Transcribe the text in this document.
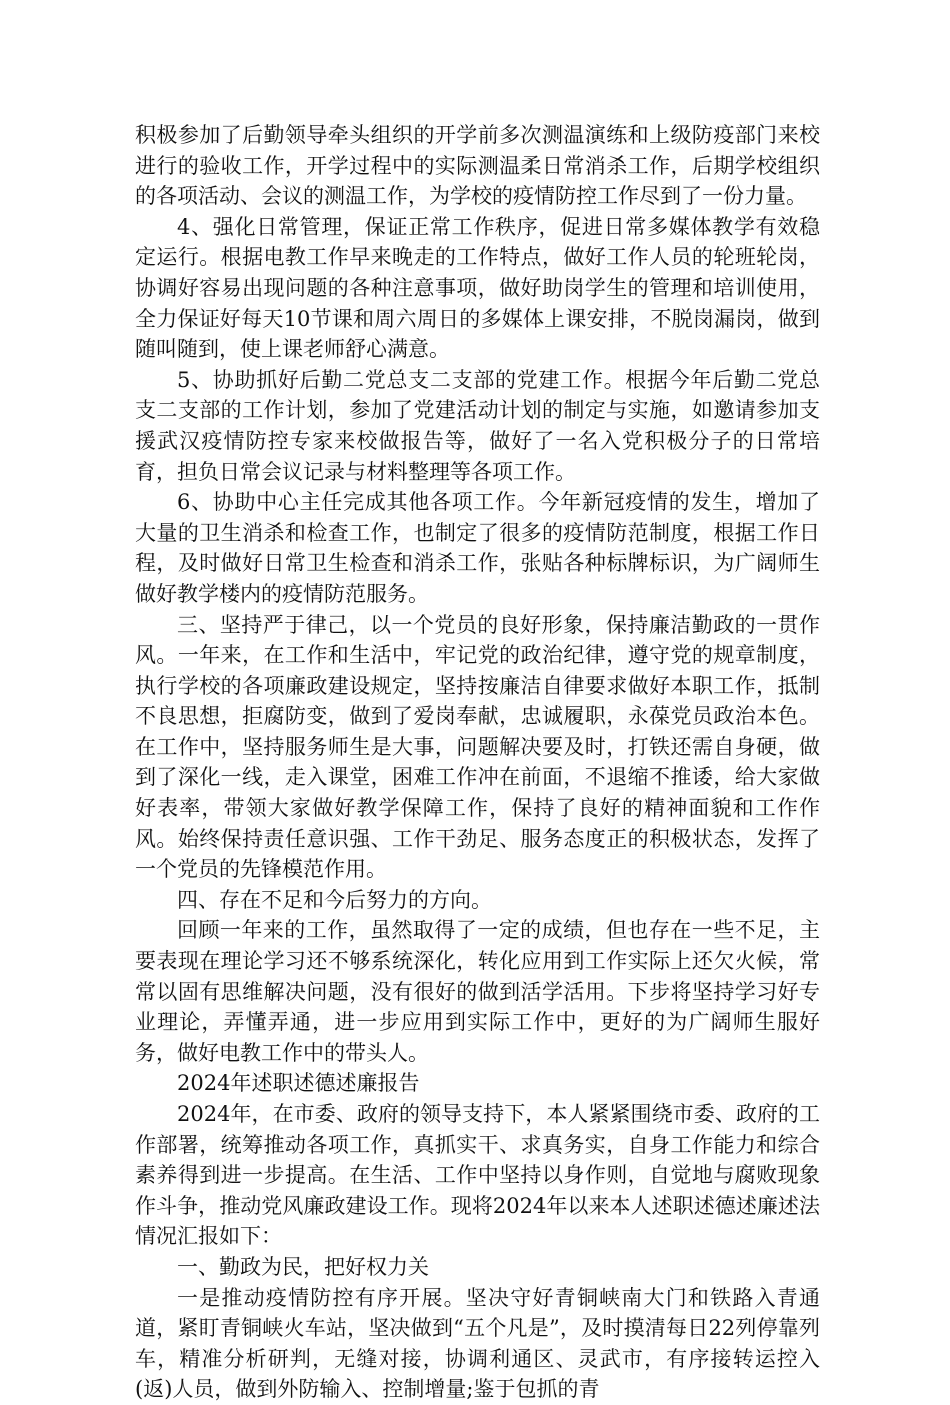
积极参加了后勤领导牵头组织的开学前多次测温演练和上级防疫部门来校进行的验收工作，开学过程中的实际测温柔日常消杀工作，后期学校组织的各项活动、会议的测温工作，为学校的疫情防控工作尽到了一份力量。

4、强化日常管理，保证正常工作秩序，促进日常多媒体教学有效稳定运行。根据电教工作早来晚走的工作特点，做好工作人员的轮班轮岗，协调好容易出现问题的各种注意事项，做好助岗学生的管理和培训使用，全力保证好每天10节课和周六周日的多媒体上课安排，不脱岗漏岗，做到随叫随到，使上课老师舒心满意。

5、协助抓好后勤二党总支二支部的党建工作。根据今年后勤二党总支二支部的工作计划，参加了党建活动计划的制定与实施，如邀请参加支援武汉疫情防控专家来校做报告等，做好了一名入党积极分子的日常培育，担负日常会议记录与材料整理等各项工作。

6、协助中心主任完成其他各项工作。今年新冠疫情的发生，增加了大量的卫生消杀和检查工作，也制定了很多的疫情防范制度，根据工作日程，及时做好日常卫生检查和消杀工作，张贴各种标牌标识，为广阔师生做好教学楼内的疫情防范服务。

三、坚持严于律己，以一个党员的良好形象，保持廉洁勤政的一贯作风。一年来，在工作和生活中，牢记党的政治纪律，遵守党的规章制度，执行学校的各项廉政建设规定，坚持按廉洁自律要求做好本职工作，抵制不良思想，拒腐防变，做到了爱岗奉献，忠诚履职，永葆党员政治本色。在工作中，坚持服务师生是大事，问题解决要及时，打铁还需自身硬，做到了深化一线，走入课堂，困难工作冲在前面，不退缩不推诿，给大家做好表率，带领大家做好教学保障工作，保持了良好的精神面貌和工作作风。始终保持责任意识强、工作干劲足、服务态度正的积极状态，发挥了一个党员的先锋模范作用。

四、存在不足和今后努力的方向。

回顾一年来的工作，虽然取得了一定的成绩，但也存在一些不足，主要表现在理论学习还不够系统深化，转化应用到工作实际上还欠火候，常常以固有思维解决问题，没有很好的做到活学活用。下步将坚持学习好专业理论，弄懂弄通，进一步应用到实际工作中，更好的为广阔师生服好务，做好电教工作中的带头人。

2024年述职述德述廉报告

2024年，在市委、政府的领导支持下，本人紧紧围绕市委、政府的工作部署，统筹推动各项工作，真抓实干、求真务实，自身工作能力和综合素养得到进一步提高。在生活、工作中坚持以身作则，自觉地与腐败现象作斗争，推动党风廉政建设工作。现将2024年以来本人述职述德述廉述法情况汇报如下：

一、勤政为民，把好权力关

一是推动疫情防控有序开展。坚决守好青铜峡南大门和铁路入青通道，紧盯青铜峡火车站，坚决做到“五个凡是”，及时摸清每日22列停靠列车，精准分析研判，无缝对接，协调利通区、灵武市，有序接转运控入(返)人员，做到外防输入、控制增量;鉴于包抓的青
